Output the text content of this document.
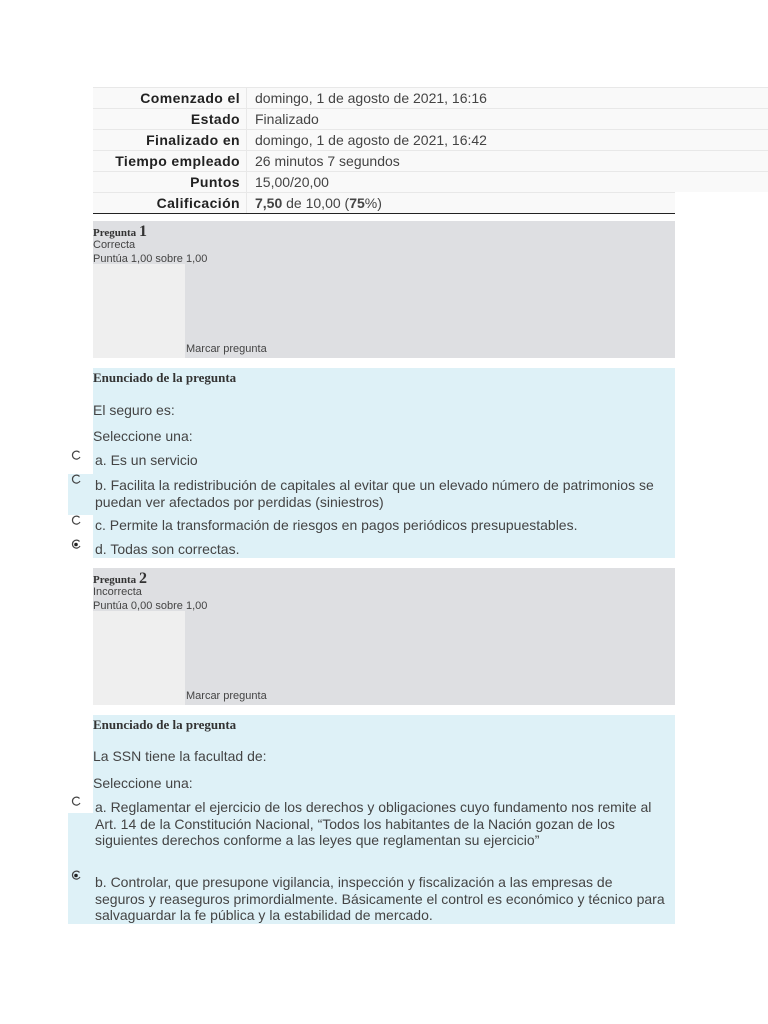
Comenzado el	domingo, 1 de agosto de 2021, 16:16
Estado	Finalizado
Finalizado en	domingo, 1 de agosto de 2021, 16:42
Tiempo empleado	26 minutos 7 segundos
Puntos	15,00/20,00
Calificación	7,50 de 10,00 (75%)
Pregunta 1
Correcta
Puntúa 1,00 sobre 1,00
Marcar pregunta
Enunciado de la pregunta
El seguro es:
Seleccione una:
a. Es un servicio
b. Facilita la redistribución de capitales al evitar que un elevado número de patrimonios se puedan ver afectados por perdidas (siniestros)
c. Permite la transformación de riesgos en pagos periódicos presupuestables.
d. Todas son correctas.
Pregunta 2
Incorrecta
Puntúa 0,00 sobre 1,00
Marcar pregunta
Enunciado de la pregunta
La SSN tiene la facultad de:
Seleccione una:
a. Reglamentar el ejercicio de los derechos y obligaciones cuyo fundamento nos remite al Art. 14 de la Constitución Nacional, “Todos los habitantes de la Nación gozan de los siguientes derechos conforme a las leyes que reglamentan su ejercicio”
b. Controlar, que presupone vigilancia, inspección y fiscalización a las empresas de seguros y reaseguros primordialmente. Básicamente el control es económico y técnico para salvaguardar la fe pública y la estabilidad de mercado.
